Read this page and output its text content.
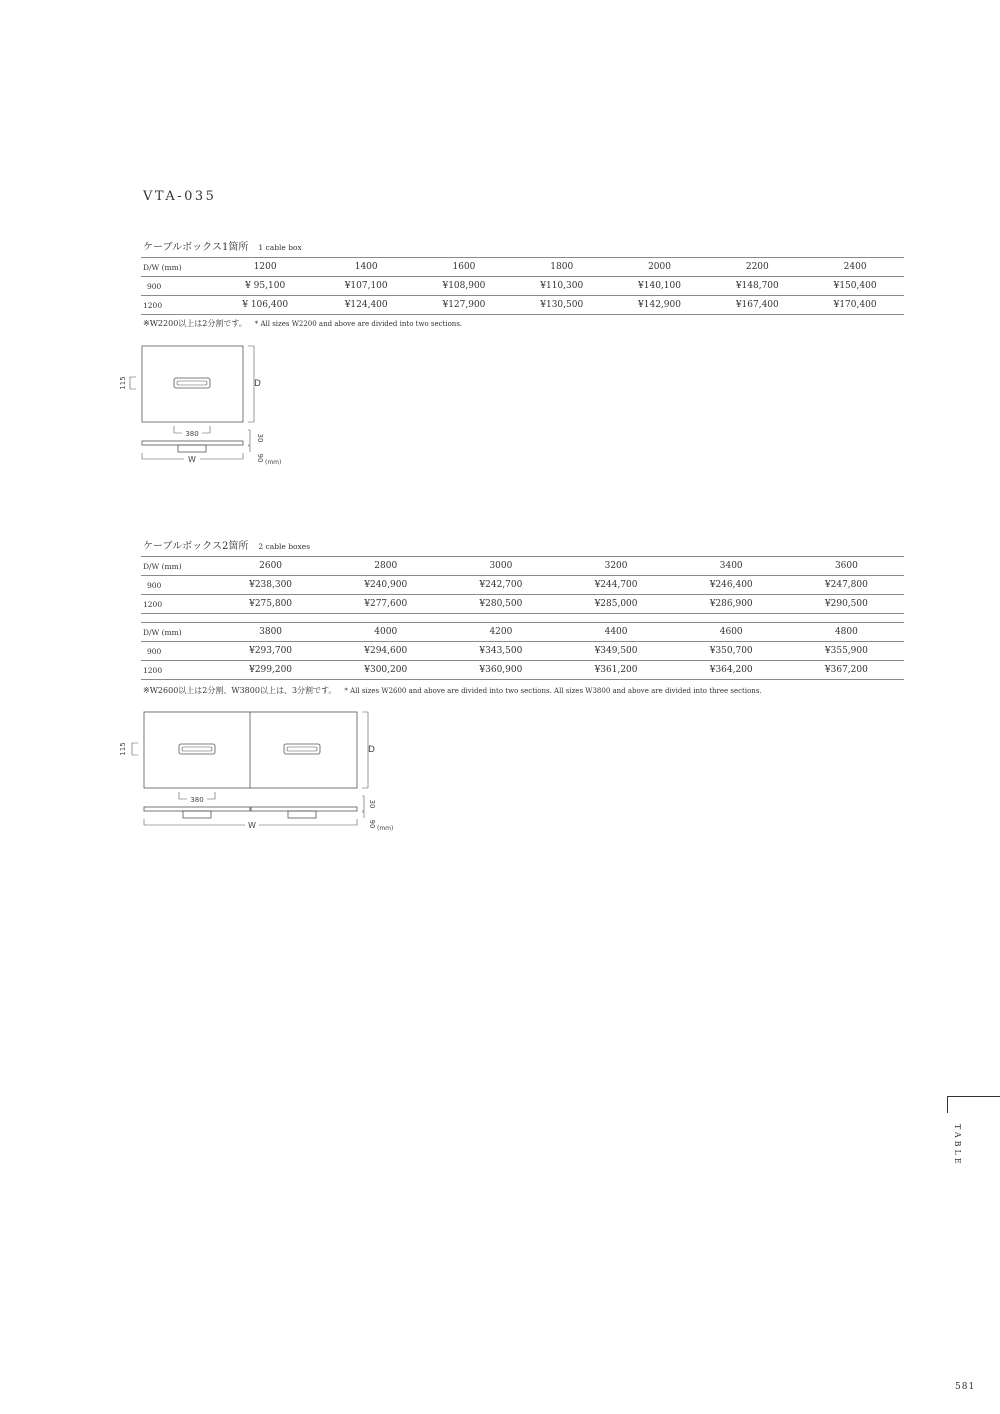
VTA-035
ケーブルボックス1箇所 1 cable box
D/W (mm)	1200	1400	1600	1800	2000	2200	2400
900	¥ 95,100	¥107,100	¥108,900	¥110,300	¥140,100	¥148,700	¥150,400
1200	¥ 106,400	¥124,400	¥127,900	¥130,500	¥142,900	¥167,400	¥170,400
※W2200以上は2分割です。 * All sizes W2200 and above are divided into two sections.
115	D
380
W
30
90
(mm)
ケーブルボックス2箇所 2 cable boxes
D/W (mm)	2600	2800	3000	3200	3400	3600
900	¥238,300	¥240,900	¥242,700	¥244,700	¥246,400	¥247,800
1200	¥275,800	¥277,600	¥280,500	¥285,000	¥286,900	¥290,500

D/W (mm)	3800	4000	4200	4400	4600	4800
900	¥293,700	¥294,600	¥343,500	¥349,500	¥350,700	¥355,900
1200	¥299,200	¥300,200	¥360,900	¥361,200	¥364,200	¥367,200
※W2600以上は2分割、W3800以上は、3分割です。 * All sizes W2600 and above are divided into two sections. All sizes W3800 and above are divided into three sections.
115	D
380
W
30
90
(mm)
TABLE
581
